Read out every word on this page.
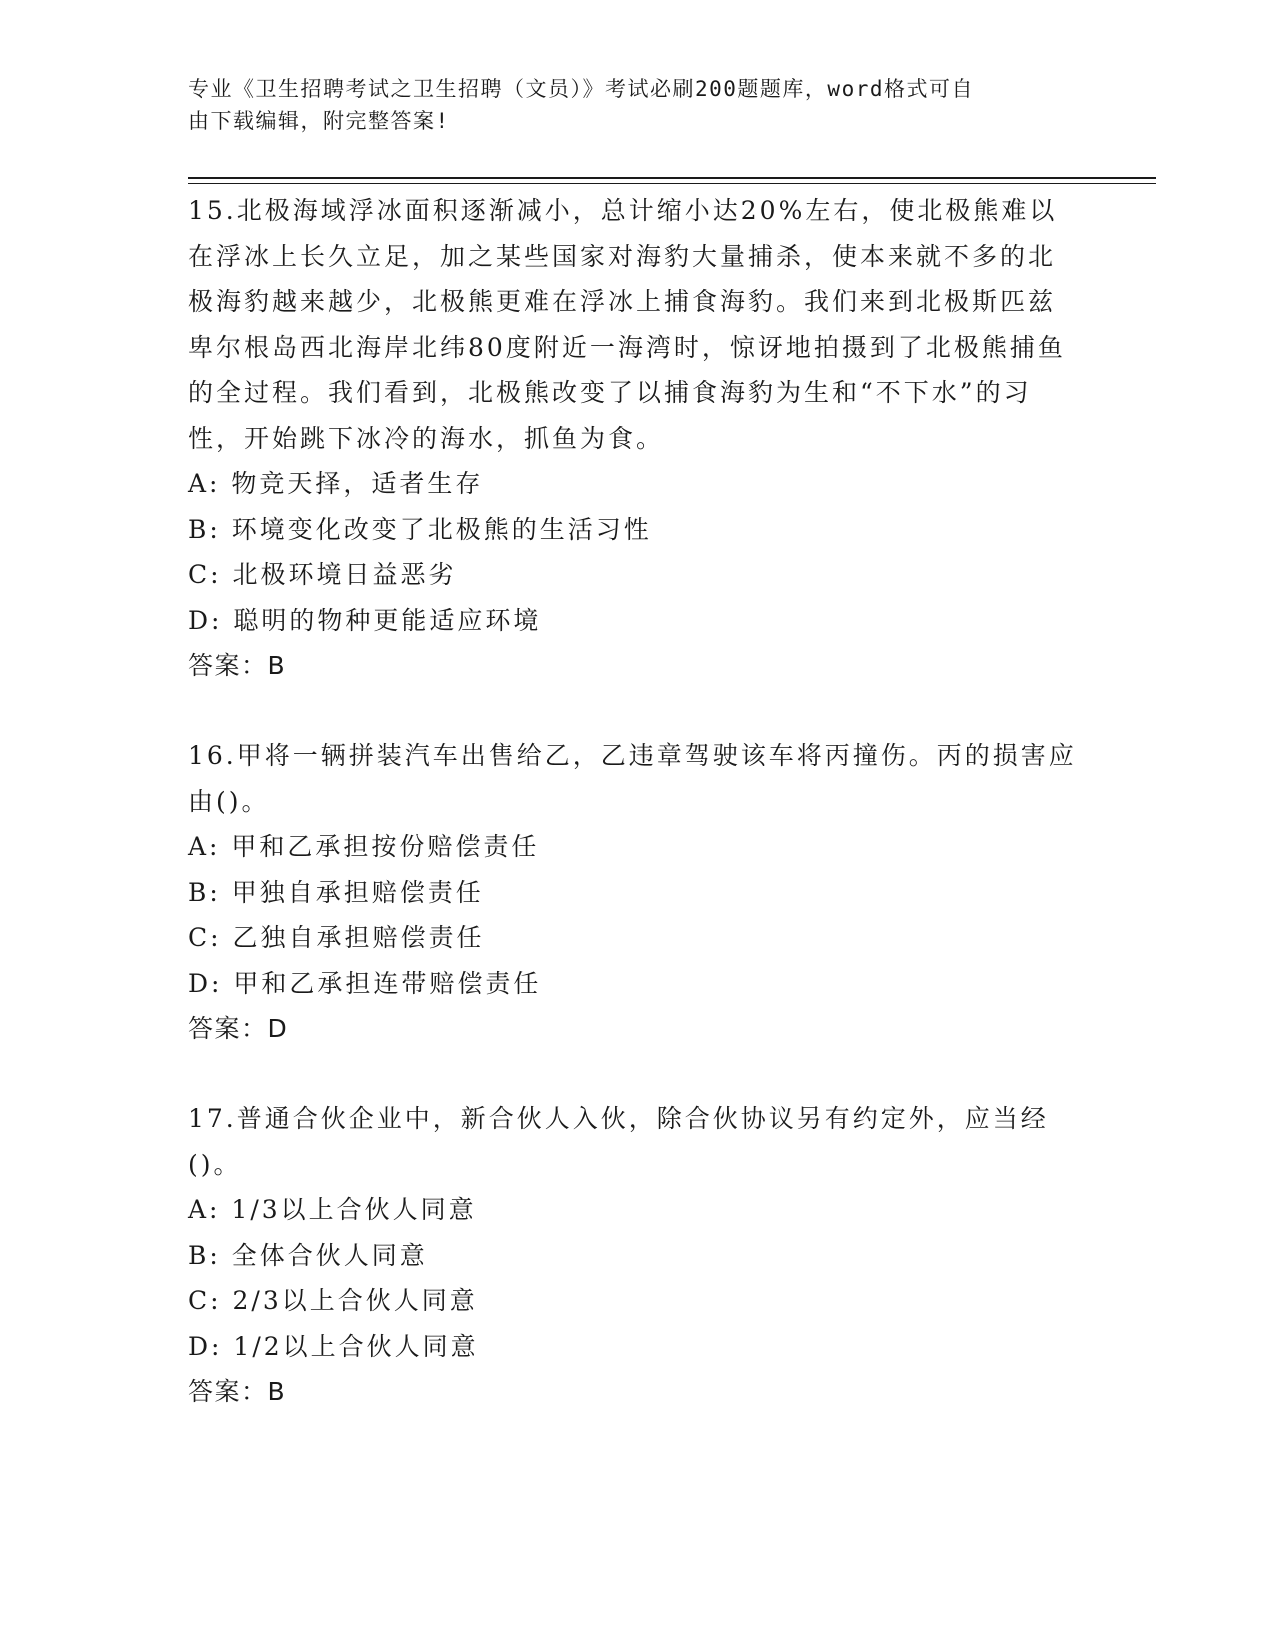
专业《卫生招聘考试之卫生招聘（文员）》考试必刷200题题库，word格式可自
由下载编辑，附完整答案!
15.北极海域浮冰面积逐渐减小，总计缩小达20%左右，使北极熊难以在浮冰上长久立足，加之某些国家对海豹大量捕杀，使本来就不多的北极海豹越来越少，北极熊更难在浮冰上捕食海豹。我们来到北极斯匹兹卑尔根岛西北海岸北纬80度附近一海湾时，惊讶地拍摄到了北极熊捕鱼的全过程。我们看到，北极熊改变了以捕食海豹为生和“不下水”的习性，开始跳下冰冷的海水，抓鱼为食。
A: 物竞天择，适者生存
B: 环境变化改变了北极熊的生活习性
C: 北极环境日益恶劣
D: 聪明的物种更能适应环境
答案：B
16.甲将一辆拼装汽车出售给乙，乙违章驾驶该车将丙撞伤。丙的损害应由()。
A: 甲和乙承担按份赔偿责任
B: 甲独自承担赔偿责任
C: 乙独自承担赔偿责任
D: 甲和乙承担连带赔偿责任
答案：D
17.普通合伙企业中，新合伙人入伙，除合伙协议另有约定外，应当经()。
A: 1/3以上合伙人同意
B: 全体合伙人同意
C: 2/3以上合伙人同意
D: 1/2以上合伙人同意
答案：B
